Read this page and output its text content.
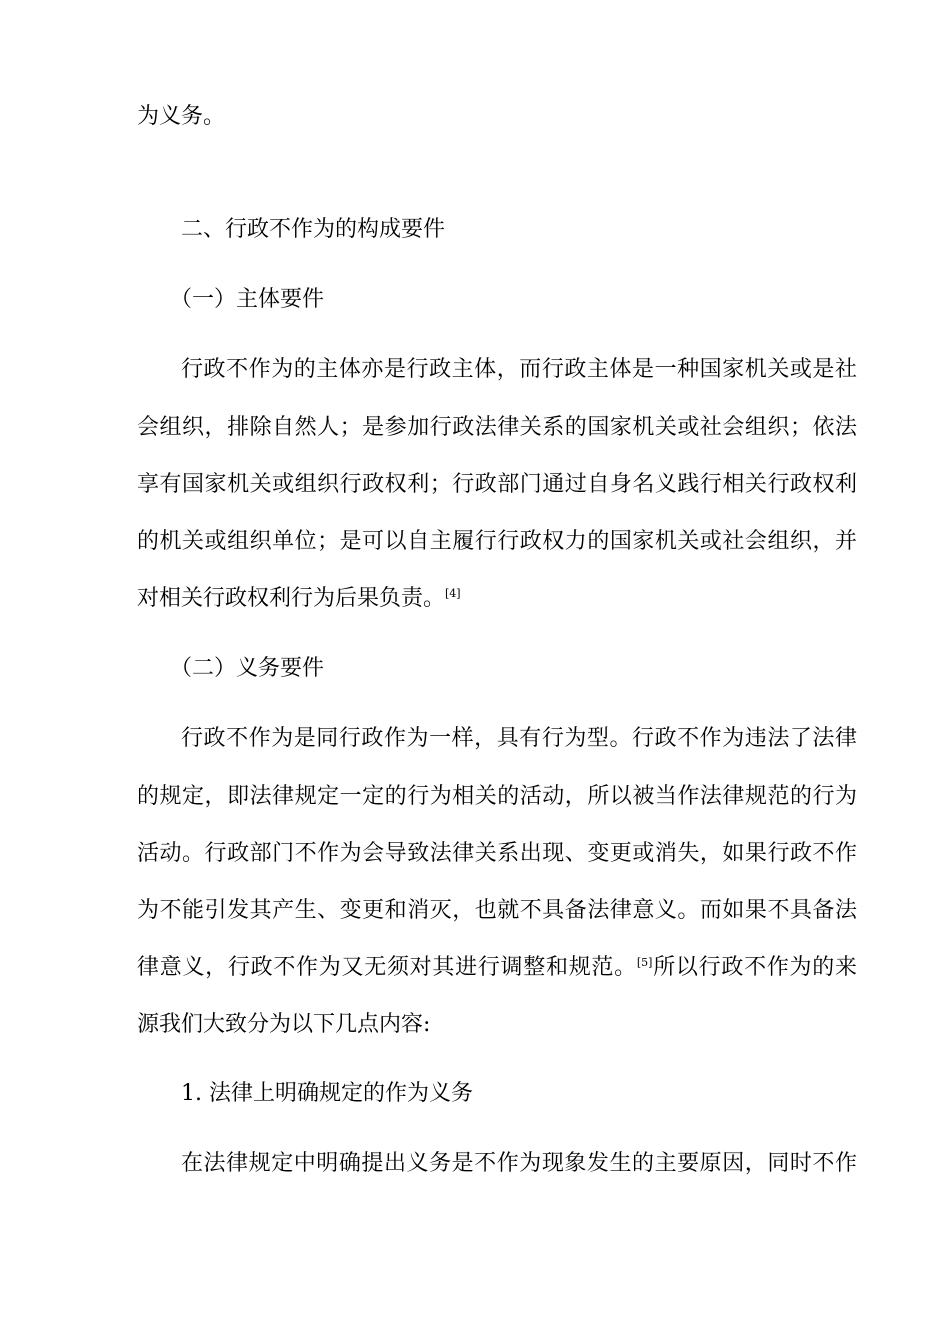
为义务。
二、行政不作为的构成要件
（一）主体要件
行政不作为的主体亦是行政主体，而行政主体是一种国家机关或是社
会组织，排除自然人；是参加行政法律关系的国家机关或社会组织；依法
享有国家机关或组织行政权利；行政部门通过自身名义践行相关行政权利
的机关或组织单位；是可以自主履行行政权力的国家机关或社会组织，并
对相关行政权利行为后果负责。[4]
（二）义务要件
行政不作为是同行政作为一样，具有行为型。行政不作为违法了法律
的规定，即法律规定一定的行为相关的活动，所以被当作法律规范的行为
活动。行政部门不作为会导致法律关系出现、变更或消失，如果行政不作
为不能引发其产生、变更和消灭，也就不具备法律意义。而如果不具备法
律意义，行政不作为又无须对其进行调整和规范。[5]所以行政不作为的来
源我们大致分为以下几点内容:
1. 法律上明确规定的作为义务
在法律规定中明确提出义务是不作为现象发生的主要原因，同时不作
